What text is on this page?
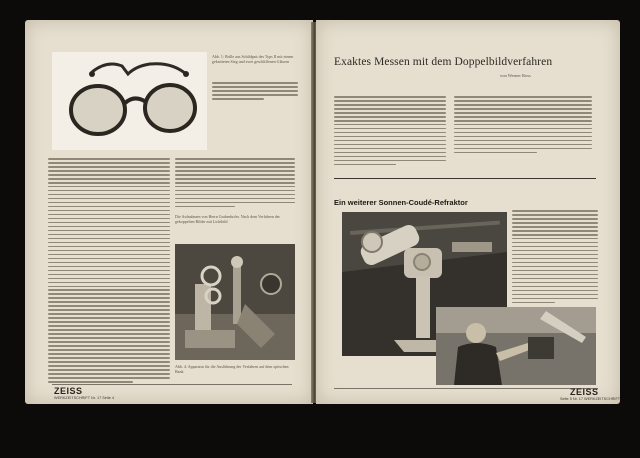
Abb. 1: Brille aus Schildpatt des Typs II mit einem geknöteten Steg und zwei geschliffenen Gläsern
Die Aufnahmen von Herrn Grabenhofer. Nach dem Verfahren der gekoppelten Bilder mit Lichtbild
Abb. 4: Apparatur für die Ausführung der Verfahren auf dem optischen Bank
ZEISS
WERKZEITSCHRIFT Nr. 17 Seite 4
Exaktes Messen mit dem Doppelbildverfahren
von Werner Ross
Ein weiterer Sonnen-Coudé-Refraktor
ZEISS
Seite 5 Nr. 17 WERKZEITSCHRIFT
